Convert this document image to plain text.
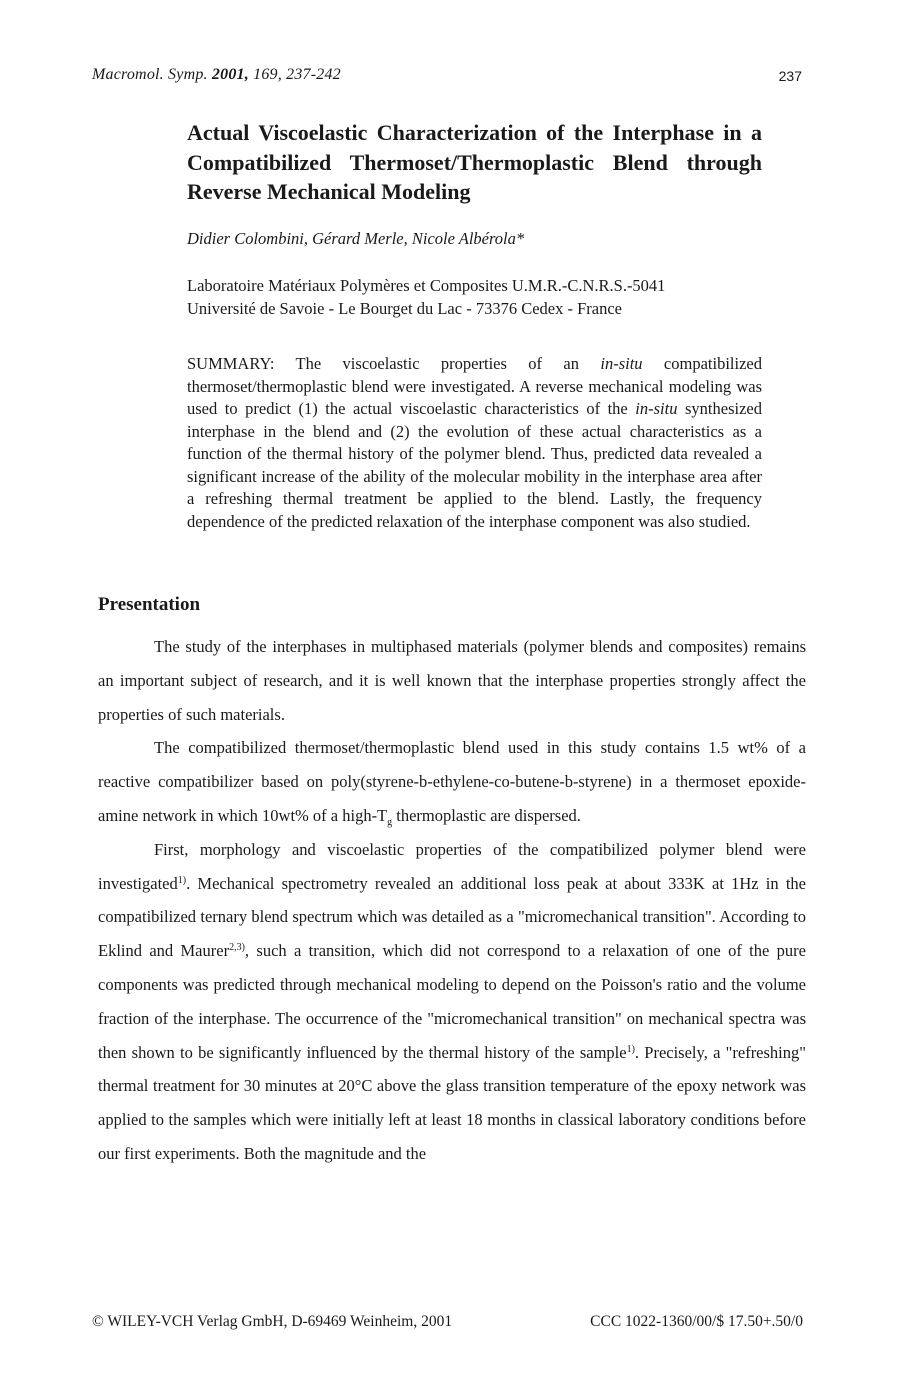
Macromol. Symp. 2001, 169, 237-242	237
Actual Viscoelastic Characterization of the Interphase in a Compatibilized Thermoset/Thermoplastic Blend through Reverse Mechanical Modeling
Didier Colombini, Gérard Merle, Nicole Albérola*
Laboratoire Matériaux Polymères et Composites U.M.R.-C.N.R.S.-5041
Université de Savoie - Le Bourget du Lac - 73376 Cedex - France

SUMMARY: The viscoelastic properties of an in-situ compatibilized thermoset/thermoplastic blend were investigated. A reverse mechanical modeling was used to predict (1) the actual viscoelastic characteristics of the in-situ synthesized interphase in the blend and (2) the evolution of these actual characteristics as a function of the thermal history of the polymer blend. Thus, predicted data revealed a significant increase of the ability of the molecular mobility in the interphase area after a refreshing thermal treatment be applied to the blend. Lastly, the frequency dependence of the predicted relaxation of the interphase component was also studied.

Presentation

The study of the interphases in multiphased materials (polymer blends and composites) remains an important subject of research, and it is well known that the interphase properties strongly affect the properties of such materials.

The compatibilized thermoset/thermoplastic blend used in this study contains 1.5 wt% of a reactive compatibilizer based on poly(styrene-b-ethylene-co-butene-b-styrene) in a thermoset epoxide-amine network in which 10wt% of a high-$T_g$ thermoplastic are dispersed.

First, morphology and viscoelastic properties of the compatibilized polymer blend were investigated$^{1)}$. Mechanical spectrometry revealed an additional loss peak at about 333K at 1Hz in the compatibilized ternary blend spectrum which was detailed as a "micromechanical transition". According to Eklind and Maurer$^{2,3)}$, such a transition, which did not correspond to a relaxation of one of the pure components was predicted through mechanical modeling to depend on the Poisson's ratio and the volume fraction of the interphase. The occurrence of the "micromechanical transition" on mechanical spectra was then shown to be significantly influenced by the thermal history of the sample$^{1)}$. Precisely, a "refreshing" thermal treatment for 30 minutes at 20°C above the glass transition temperature of the epoxy network was applied to the samples which were initially left at least 18 months in classical laboratory conditions before our first experiments. Both the magnitude and the

© WILEY-VCH Verlag GmbH, D-69469 Weinheim, 2001	CCC 1022-1360/00/$ 17.50+.50/0
